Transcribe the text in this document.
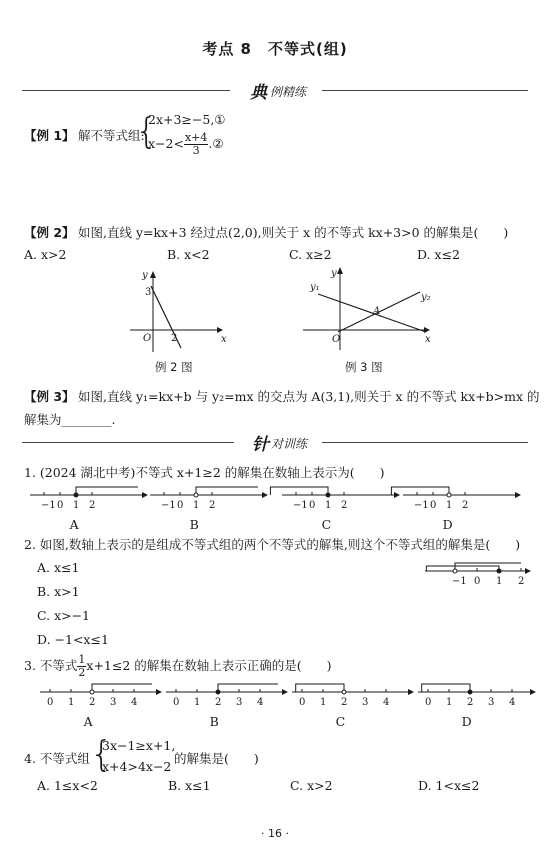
考点 8　不等式(组)
典 例精练
【例 1】 解不等式组:
{
2x+3≥−5,①
$x-2< \frac{x+4}{3}$ .②
【例 2】 如图,直线 y=kx+3 经过点(2,0),则关于 x 的不等式 kx+3>0 的解集是(　　)
A. x>2	B. x<2	C. x≥2	D. x≤2
y
x
O
3
2
例 2 图
y
x
O
A
y₁
y₂
例 3 图
【例 3】 如图,直线 y₁=kx+b 与 y₂=mx 的交点为 A(3,1),则关于 x 的不等式 kx+b>mx 的
解集为________.
针 对训练
1. (2024 湖北中考)不等式 x+1≥2 的解集在数轴上表示为(　　)
−1 0 1 2
A
−1 0 1 2
B
−1 0 1 2
C
−1 0 1 2
D
2. 如图,数轴上表示的是组成不等式组的两个不等式的解集,则这个不等式组的解集是(　　)
A. x≤1
B. x>1
C. x>−1
D. −1<x≤1
−1 0 1 2
3. 不等式 $\frac{1}{2} x+1\le 2$ 的解集在数轴上表示正确的是(　　)
0 1 2 3 4
A
0 1 2 3 4
B
0 1 2 3 4
C
0 1 2 3 4
D
4. 不等式组 {
3x−1≥x+1,
x+4>4x−2
的解集是(　　)
A. 1≤x<2	B. x≤1	C. x>2	D. 1<x≤2
· 16 ·
